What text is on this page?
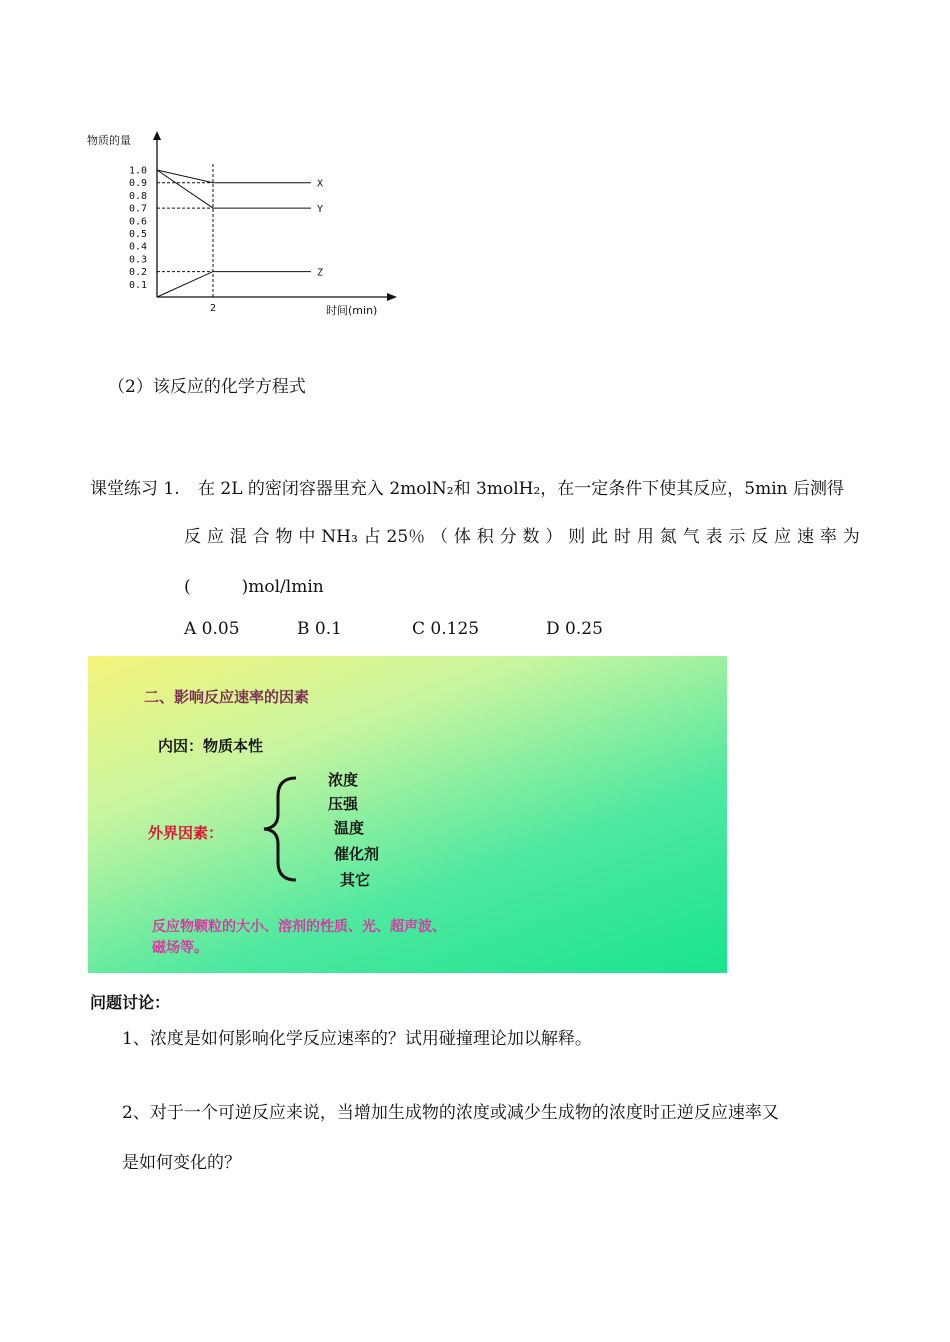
物质的量
时间(min)
1.0
0.9
0.8
0.7
0.6
0.5
0.4
0.3
0.2
0.1
2
X
Y
Z
（2）该反应的化学方程式
课堂练习 1. 在 2L 的密闭容器里充入 2molN₂和 3molH₂，在一定条件下使其反应，5min 后测得
反 应 混 合 物 中 NH₃ 占 25％ （ 体 积 分 数 ） 则 此 时 用 氮 气 表 示 反 应 速 率 为
(　　　)mol/lmin
A 0.05	B 0.1	C 0.125	D 0.25
二、影响反应速率的因素
内因：物质本性
外界因素：
浓度
压强
温度
催化剂
其它
反应物颗粒的大小、溶剂的性质、光、超声波、
磁场等。
问题讨论：
1、浓度是如何影响化学反应速率的？试用碰撞理论加以解释。
2、对于一个可逆反应来说，当增加生成物的浓度或减少生成物的浓度时正逆反应速率又
是如何变化的？
